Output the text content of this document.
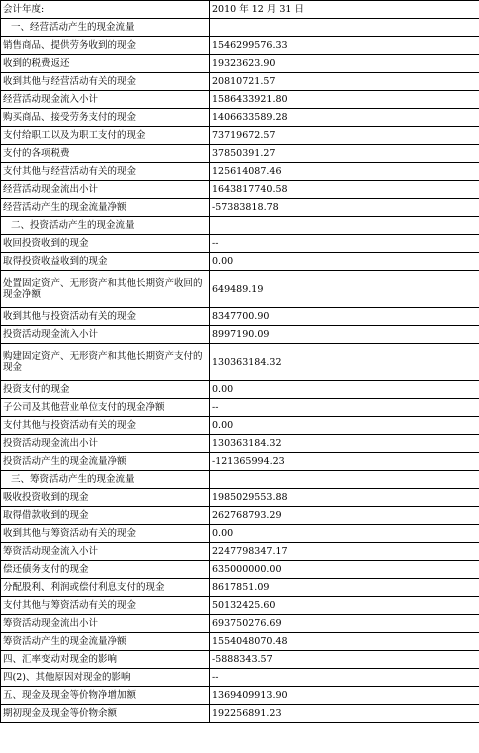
会计年度:	2010 年 12 月 31 日
一、经营活动产生的现金流量	
销售商品、提供劳务收到的现金	1546299576.33
收到的税费返还	19323623.90
收到其他与经营活动有关的现金	20810721.57
经营活动现金流入小计	1586433921.80
购买商品、接受劳务支付的现金	1406633589.28
支付给职工以及为职工支付的现金	73719672.57
支付的各项税费	37850391.27
支付其他与经营活动有关的现金	125614087.46
经营活动现金流出小计	1643817740.58
经营活动产生的现金流量净额	-57383818.78
二、投资活动产生的现金流量	
收回投资收到的现金	--
取得投资收益收到的现金	0.00
处置固定资产、无形资产和其他长期资产收回的现金净额	649489.19
收到其他与投资活动有关的现金	8347700.90
投资活动现金流入小计	8997190.09
购建固定资产、无形资产和其他长期资产支付的现金	130363184.32
投资支付的现金	0.00
子公司及其他营业单位支付的现金净额	--
支付其他与投资活动有关的现金	0.00
投资活动现金流出小计	130363184.32
投资活动产生的现金流量净额	-121365994.23
三、筹资活动产生的现金流量	
吸收投资收到的现金	1985029553.88
取得借款收到的现金	262768793.29
收到其他与筹资活动有关的现金	0.00
筹资活动现金流入小计	2247798347.17
偿还债务支付的现金	635000000.00
分配股利、利润或偿付利息支付的现金	8617851.09
支付其他与筹资活动有关的现金	50132425.60
筹资活动现金流出小计	693750276.69
筹资活动产生的现金流量净额	1554048070.48
四、汇率变动对现金的影响	-5888343.57
四(2)、其他原因对现金的影响	--
五、现金及现金等价物净增加额	1369409913.90
期初现金及现金等价物余额	192256891.23
